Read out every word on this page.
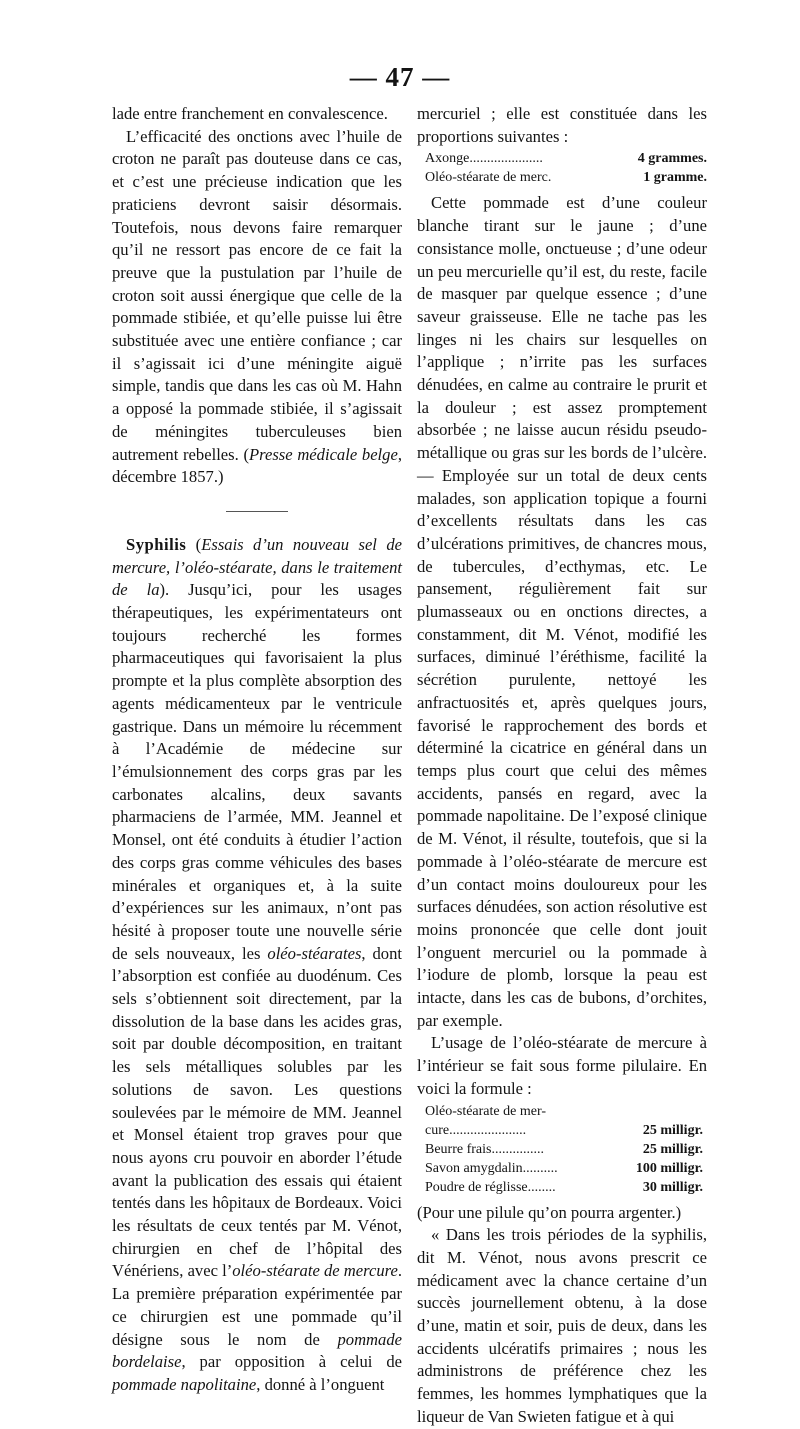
— 47 —

lade entre franchement en convalescence.

L’efficacité des onctions avec l’huile de croton ne paraît pas douteuse dans ce cas, et c’est une précieuse indication que les praticiens devront saisir désormais. Toutefois, nous devons faire remarquer qu’il ne ressort pas encore de ce fait la preuve que la pustulation par l’huile de croton soit aussi énergique que celle de la pommade stibiée, et qu’elle puisse lui être substituée avec une entière confiance ; car il s’agissait ici d’une méningite aiguë simple, tandis que dans les cas où M. Hahn a opposé la pommade stibiée, il s’agissait de méningites tuberculeuses bien autrement rebelles. (Presse médicale belge, décembre 1857.)

Syphilis (Essais d’un nouveau sel de mercure, l’oléo-stéarate, dans le traitement de la). Jusqu’ici, pour les usages thérapeutiques, les expérimentateurs ont toujours recherché les formes pharmaceutiques qui favorisaient la plus prompte et la plus complète absorption des agents médicamenteux par le ventricule gastrique. Dans un mémoire lu récemment à l’Académie de médecine sur l’émulsionnement des corps gras par les carbonates alcalins, deux savants pharmaciens de l’armée, MM. Jeannel et Monsel, ont été conduits à étudier l’action des corps gras comme véhicules des bases minérales et organiques et, à la suite d’expériences sur les animaux, n’ont pas hésité à proposer toute une nouvelle série de sels nouveaux, les oléo-stéarates, dont l’absorption est confiée au duodénum. Ces sels s’obtiennent soit directement, par la dissolution de la base dans les acides gras, soit par double décomposition, en traitant les sels métalliques solubles par les solutions de savon. Les questions soulevées par le mémoire de MM. Jeannel et Monsel étaient trop graves pour que nous ayons cru pouvoir en aborder l’étude avant la publication des essais qui étaient tentés dans les hôpitaux de Bordeaux. Voici les résultats de ceux tentés par M. Vénot, chirurgien en chef de l’hôpital des Vénériens, avec l’oléo-stéarate de mercure. La première préparation expérimentée par ce chirurgien est une pommade qu’il désigne sous le nom de pommade bordelaise, par opposition à celui de pommade napolitaine, donné à l’onguent

mercuriel ; elle est constituée dans les proportions suivantes :

Axonge.....................	4 grammes.
Oléo-stéarate de merc.	1 gramme.

Cette pommade est d’une couleur blanche tirant sur le jaune ; d’une consistance molle, onctueuse ; d’une odeur un peu mercurielle qu’il est, du reste, facile de masquer par quelque essence ; d’une saveur graisseuse. Elle ne tache pas les linges ni les chairs sur lesquelles on l’applique ; n’irrite pas les surfaces dénudées, en calme au contraire le prurit et la douleur ; est assez promptement absorbée ; ne laisse aucun résidu pseudo-métallique ou gras sur les bords de l’ulcère. — Employée sur un total de deux cents malades, son application topique a fourni d’excellents résultats dans les cas d’ulcérations primitives, de chancres mous, de tubercules, d’ecthymas, etc. Le pansement, régulièrement fait sur plumasseaux ou en onctions directes, a constamment, dit M. Vénot, modifié les surfaces, diminué l’éréthisme, facilité la sécrétion purulente, nettoyé les anfractuosités et, après quelques jours, favorisé le rapprochement des bords et déterminé la cicatrice en général dans un temps plus court que celui des mêmes accidents, pansés en regard, avec la pommade napolitaine. De l’exposé clinique de M. Vénot, il résulte, toutefois, que si la pommade à l’oléo-stéarate de mercure est d’un contact moins douloureux pour les surfaces dénudées, son action résolutive est moins prononcée que celle dont jouit l’onguent mercuriel ou la pommade à l’iodure de plomb, lorsque la peau est intacte, dans les cas de bubons, d’orchites, par exemple.

L’usage de l’oléo-stéarate de mercure à l’intérieur se fait sous forme pilulaire. En voici la formule :

Oléo-stéarate de mer-
cure......................	25 milligr.
Beurre frais...............	25 milligr.
Savon amygdalin..........	100 milligr.
Poudre de réglisse........	30 milligr.

(Pour une pilule qu’on pourra argenter.)

« Dans les trois périodes de la syphilis, dit M. Vénot, nous avons prescrit ce médicament avec la chance certaine d’un succès journellement obtenu, à la dose d’une, matin et soir, puis de deux, dans les accidents ulcératifs primaires ; nous les administrons de préférence chez les femmes, les hommes lymphatiques que la liqueur de Van Swieten fatigue et à qui
